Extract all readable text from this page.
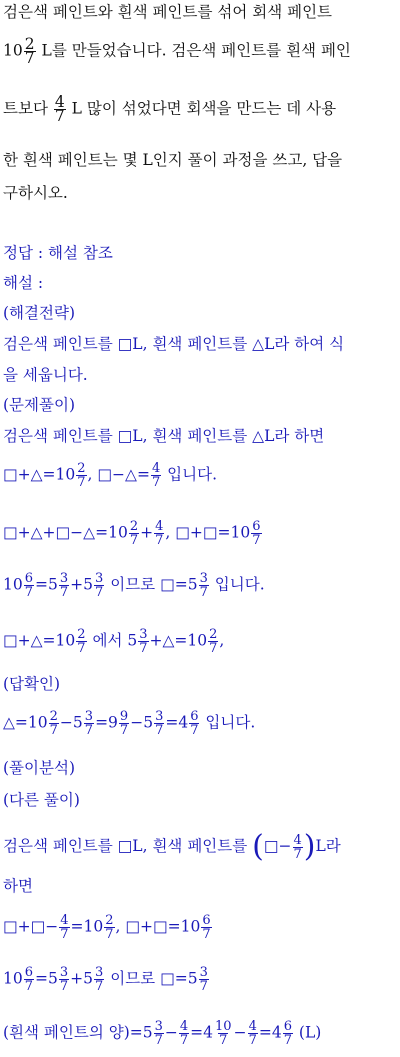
검은색 페인트와 흰색 페인트를 섞어 회색 페인트
$10 \frac{2}{7}$ L를 만들었습니다. 검은색 페인트를 흰색 페인
트보다 $\frac{4}{7}$ L 많이 섞었다면 회색을 만드는 데 사용
한 흰색 페인트는 몇 L인지 풀이 과정을 쓰고, 답을
구하시오.
정답 : 해설 참조
해설 :
(해결전략)
검은색 페인트를 □L, 흰색 페인트를 △L라 하여 식
을 세웁니다.
(문제풀이)
검은색 페인트를 □L, 흰색 페인트를 △L라 하면
□+△=10 $\frac{2}{7}$ , □−△= $\frac{4}{7}$ 입니다.
□+△+□−△=10 $\frac{2}{7} + \frac{4}{7}$ , □+□=10 $\frac{6}{7}$
$10 \frac{6}{7} =5 \frac{3}{7} +5 \frac{3}{7}$ 이므로 □=5 $\frac{3}{7}$ 입니다.
□+△=10 $\frac{2}{7}$ 에서 $5 \frac{3}{7}$ +△=10 $\frac{2}{7}$ ,
(답확인)
△=10 $\frac{2}{7} -5 \frac{3}{7} =9 \frac{9}{7} -5 \frac{3}{7} =4 \frac{6}{7}$ 입니다.
(풀이분석)
(다른 풀이)
검은색 페인트를 □L, 흰색 페인트를 (□− $\frac{4}{7} )L$라
하면
□+□− $\frac{4}{7} =10 \frac{2}{7}$ , □+□=10 $\frac{6}{7}$
$10 \frac{6}{7} =5 \frac{3}{7} +5 \frac{3}{7}$ 이므로 □=5 $\frac{3}{7}$
(흰색 페인트의 양)$=5 \frac{3}{7} - \frac{4}{7} =4 \frac{10}{7} - \frac{4}{7} =4 \frac{6}{7} (L)$
